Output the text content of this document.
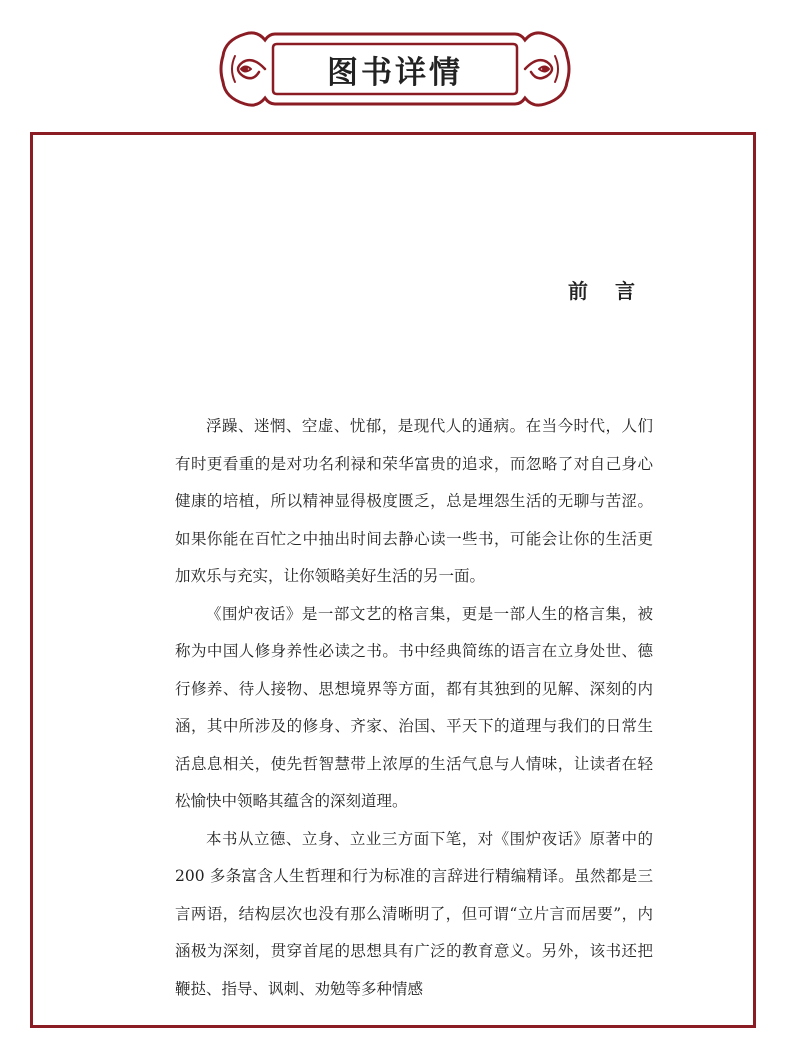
图书详情
前 言

浮躁、迷惘、空虚、忧郁，是现代人的通病。在当今时代，人们有时更看重的是对功名利禄和荣华富贵的追求，而忽略了对自己身心健康的培植，所以精神显得极度匮乏，总是埋怨生活的无聊与苦涩。如果你能在百忙之中抽出时间去静心读一些书，可能会让你的生活更加欢乐与充实，让你领略美好生活的另一面。

《围炉夜话》是一部文艺的格言集，更是一部人生的格言集，被称为中国人修身养性必读之书。书中经典简练的语言在立身处世、德行修养、待人接物、思想境界等方面，都有其独到的见解、深刻的内涵，其中所涉及的修身、齐家、治国、平天下的道理与我们的日常生活息息相关，使先哲智慧带上浓厚的生活气息与人情味，让读者在轻松愉快中领略其蕴含的深刻道理。

本书从立德、立身、立业三方面下笔，对《围炉夜话》原著中的 200 多条富含人生哲理和行为标准的言辞进行精编精译。虽然都是三言两语，结构层次也没有那么清晰明了，但可谓“立片言而居要”，内涵极为深刻，贯穿首尾的思想具有广泛的教育意义。另外，该书还把鞭挞、指导、讽刺、劝勉等多种情感
